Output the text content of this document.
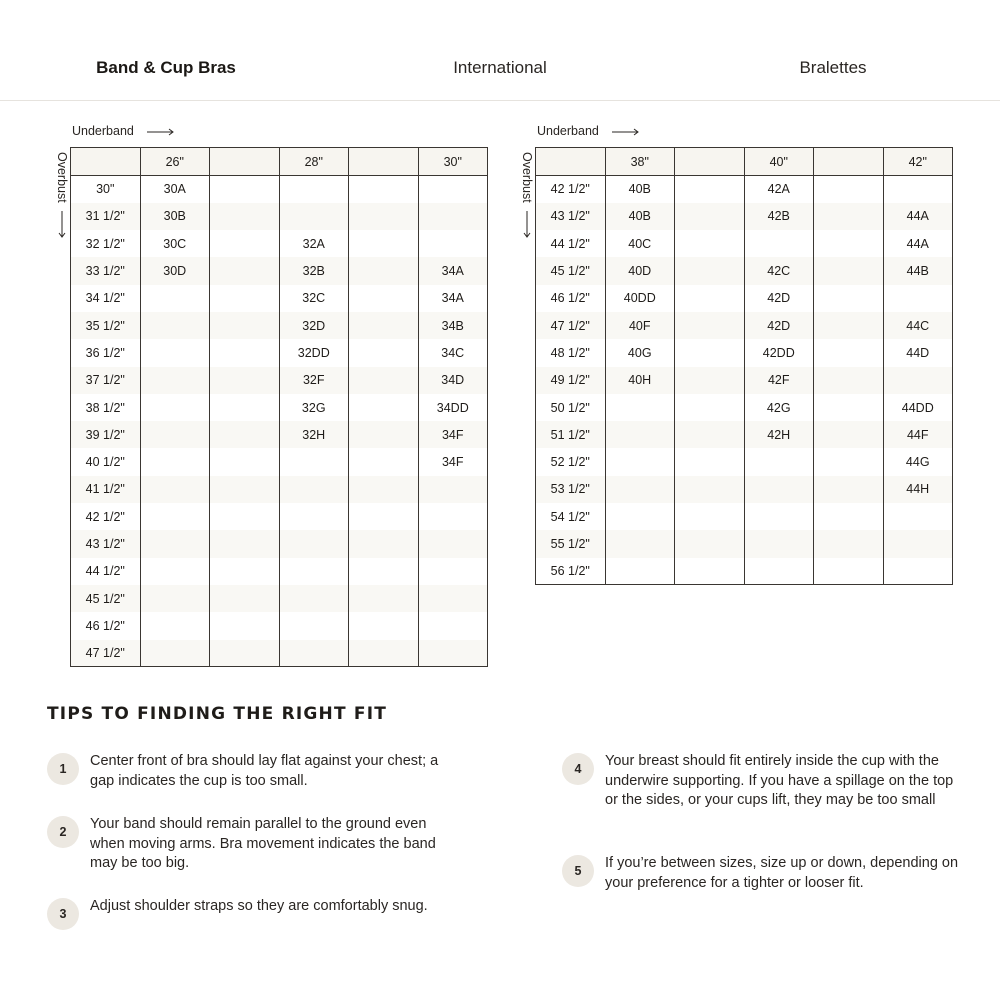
Band & Cup Bras	International	Bralettes
Underband
Overbust
Underband
Overbust
	26"		28"		30"
30"	30A				
31 1/2"	30B				
32 1/2"	30C		32A		
33 1/2"	30D		32B		34A
34 1/2"			32C		34A
35 1/2"			32D		34B
36 1/2"			32DD		34C
37 1/2"			32F		34D
38 1/2"			32G		34DD
39 1/2"			32H		34F
40 1/2"					34F
41 1/2"					
42 1/2"					
43 1/2"					
44 1/2"					
45 1/2"					
46 1/2"					
47 1/2"					
	38"		40"		42"
42 1/2"	40B		42A		
43 1/2"	40B		42B		44A
44 1/2"	40C				44A
45 1/2"	40D		42C		44B
46 1/2"	40DD		42D		
47 1/2"	40F		42D		44C
48 1/2"	40G		42DD		44D
49 1/2"	40H		42F		
50 1/2"			42G		44DD
51 1/2"			42H		44F
52 1/2"					44G
53 1/2"					44H
54 1/2"					
55 1/2"					
56 1/2"					
TIPS TO FINDING THE RIGHT FIT
1	Center front of bra should lay flat against your chest; a gap indicates the cup is too small.
2	Your band should remain parallel to the ground even when moving arms. Bra movement indicates the band may be too big.
3	Adjust shoulder straps so they are comfortably snug.
4	Your breast should fit entirely inside the cup with the underwire supporting. If you have a spillage on the top or the sides, or your cups lift, they may be too small
5	If you’re between sizes, size up or down, depending on your preference for a tighter or looser fit.
